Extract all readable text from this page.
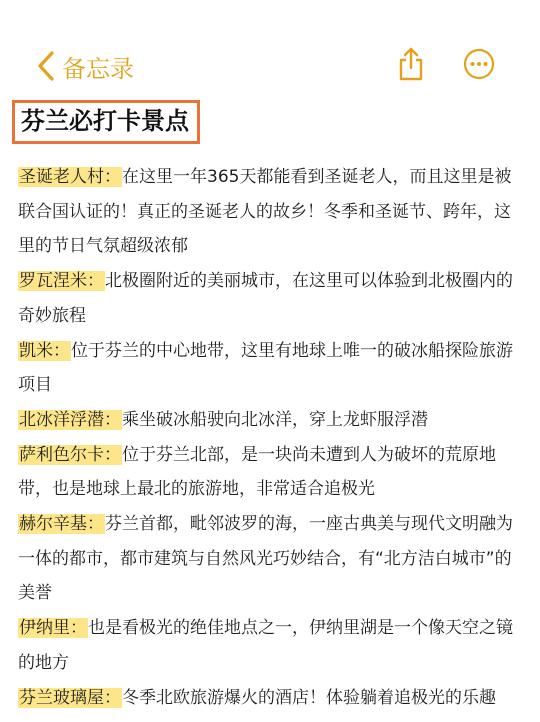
备忘录
芬兰必打卡景点

圣诞老人村：在这里一年365天都能看到圣诞老人，而且这里是被联合国认证的！真正的圣诞老人的故乡！冬季和圣诞节、跨年，这里的节日气氛超级浓郁

罗瓦涅米：北极圈附近的美丽城市，在这里可以体验到北极圈内的奇妙旅程

凯米：位于芬兰的中心地带，这里有地球上唯一的破冰船探险旅游项目

北冰洋浮潜：乘坐破冰船驶向北冰洋，穿上龙虾服浮潜

萨利色尔卡：位于芬兰北部，是一块尚未遭到人为破坏的荒原地带，也是地球上最北的旅游地，非常适合追极光

赫尔辛基：芬兰首都，毗邻波罗的海，一座古典美与现代文明融为一体的都市，都市建筑与自然风光巧妙结合，有“北方洁白城市”的美誉

伊纳里：也是看极光的绝佳地点之一，伊纳里湖是一个像天空之镜的地方

芬兰玻璃屋：冬季北欧旅游爆火的酒店！体验躺着追极光的乐趣
